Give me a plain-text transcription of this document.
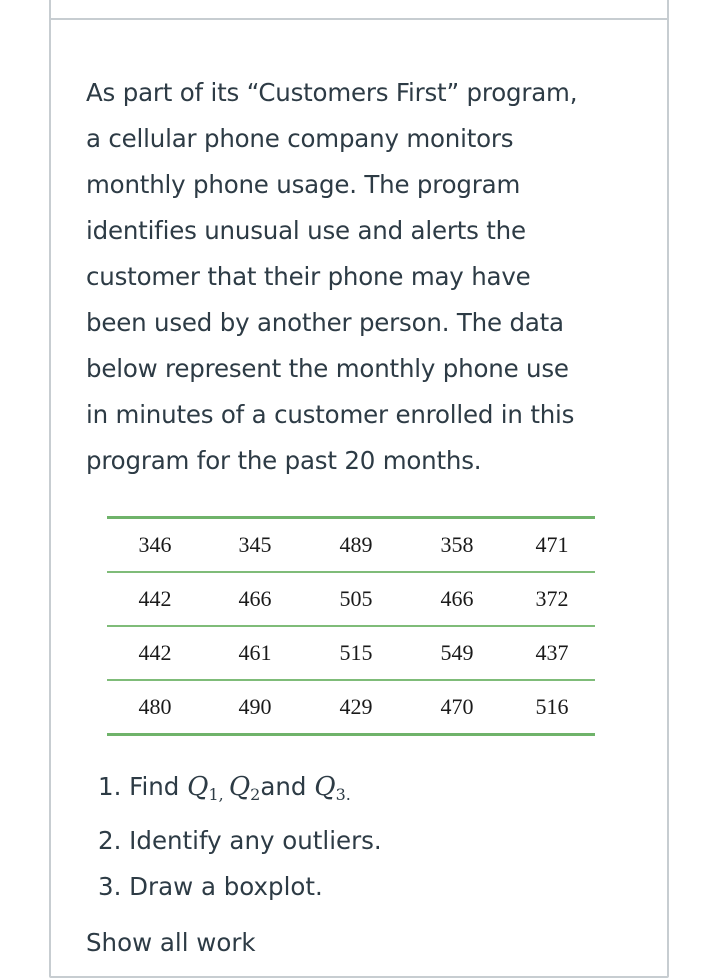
As part of its “Customers First” program,
a cellular phone company monitors
monthly phone usage. The program
identifies unusual use and alerts the
customer that their phone may have
been used by another person. The data
below represent the monthly phone use
in minutes of a customer enrolled in this
program for the past 20 months.

346	345	489	358	471
442	466	505	466	372
442	461	515	549	437
480	490	429	470	516
1. Find $Q_{1,}$ $Q_2and$ $Q_{3.}$
2. Identify any outliers.
3. Draw a boxplot.

Show all work
